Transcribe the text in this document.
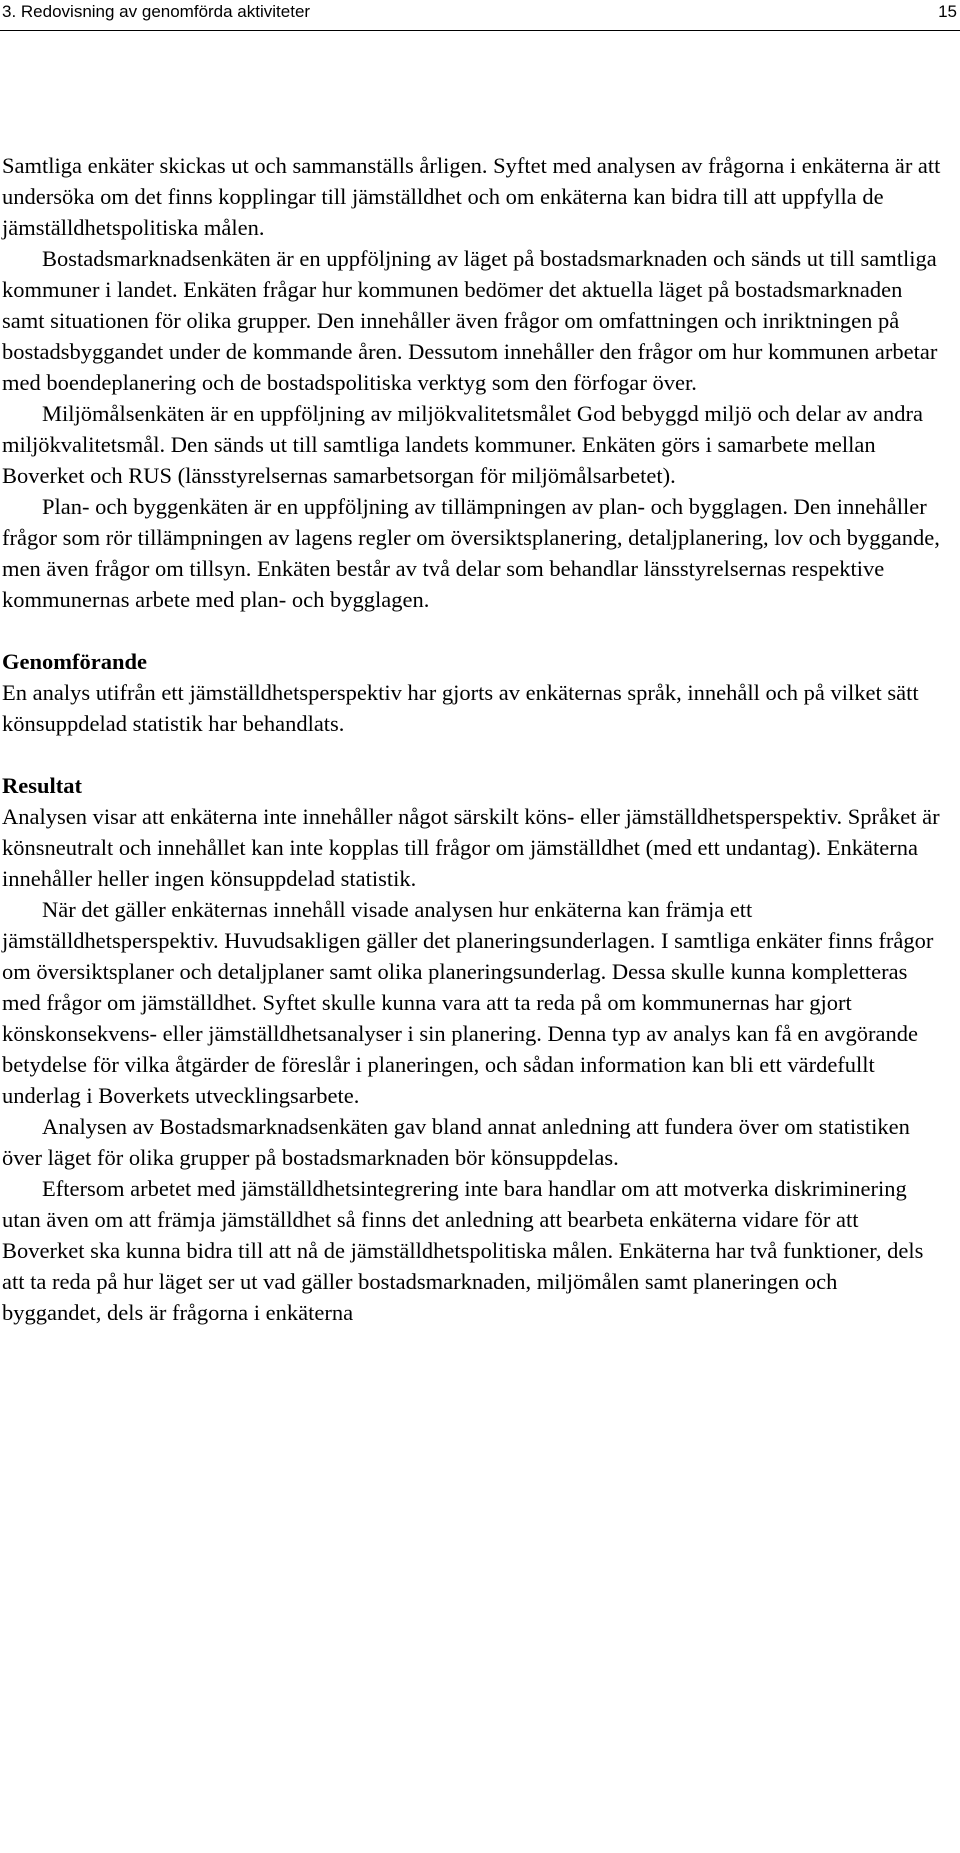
3. Redovisning av genomförda aktiviteter	15

Samtliga enkäter skickas ut och sammanställs årligen. Syftet med analysen av frågorna i enkäterna är att undersöka om det finns kopplingar till jämställdhet och om enkäterna kan bidra till att uppfylla de jämställdhetspolitiska målen.

Bostadsmarknadsenkäten är en uppföljning av läget på bostadsmarknaden och sänds ut till samtliga kommuner i landet. Enkäten frågar hur kommunen bedömer det aktuella läget på bostadsmarknaden samt situationen för olika grupper. Den innehåller även frågor om omfattningen och inriktningen på bostadsbyggandet under de kommande åren. Dessutom innehåller den frågor om hur kommunen arbetar med boendeplanering och de bostadspolitiska verktyg som den förfogar över.

Miljömålsenkäten är en uppföljning av miljökvalitetsmålet God bebyggd miljö och delar av andra miljökvalitetsmål. Den sänds ut till samtliga landets kommuner. Enkäten görs i samarbete mellan Boverket och RUS (länsstyrelsernas samarbetsorgan för miljömålsarbetet).

Plan- och byggenkäten är en uppföljning av tillämpningen av plan- och bygglagen. Den innehåller frågor som rör tillämpningen av lagens regler om översiktsplanering, detaljplanering, lov och byggande, men även frågor om tillsyn. Enkäten består av två delar som behandlar länsstyrelsernas respektive kommunernas arbete med plan- och bygglagen.

Genomförande

En analys utifrån ett jämställdhetsperspektiv har gjorts av enkäternas språk, innehåll och på vilket sätt könsuppdelad statistik har behandlats.

Resultat

Analysen visar att enkäterna inte innehåller något särskilt köns- eller jämställdhetsperspektiv. Språket är könsneutralt och innehållet kan inte kopplas till frågor om jämställdhet (med ett undantag). Enkäterna innehåller heller ingen könsuppdelad statistik.

När det gäller enkäternas innehåll visade analysen hur enkäterna kan främja ett jämställdhetsperspektiv. Huvudsakligen gäller det planeringsunderlagen. I samtliga enkäter finns frågor om översiktsplaner och detaljplaner samt olika planeringsunderlag. Dessa skulle kunna kompletteras med frågor om jämställdhet. Syftet skulle kunna vara att ta reda på om kommunernas har gjort könskonsekvens- eller jämställdhetsanalyser i sin planering. Denna typ av analys kan få en avgörande betydelse för vilka åtgärder de föreslår i planeringen, och sådan information kan bli ett värdefullt underlag i Boverkets utvecklingsarbete.

Analysen av Bostadsmarknadsenkäten gav bland annat anledning att fundera över om statistiken över läget för olika grupper på bostadsmarknaden bör könsuppdelas.

Eftersom arbetet med jämställdhetsintegrering inte bara handlar om att motverka diskriminering utan även om att främja jämställdhet så finns det anledning att bearbeta enkäterna vidare för att Boverket ska kunna bidra till att nå de jämställdhetspolitiska målen. Enkäterna har två funktioner, dels att ta reda på hur läget ser ut vad gäller bostadsmarknaden, miljömålen samt planeringen och byggandet, dels är frågorna i enkäterna
